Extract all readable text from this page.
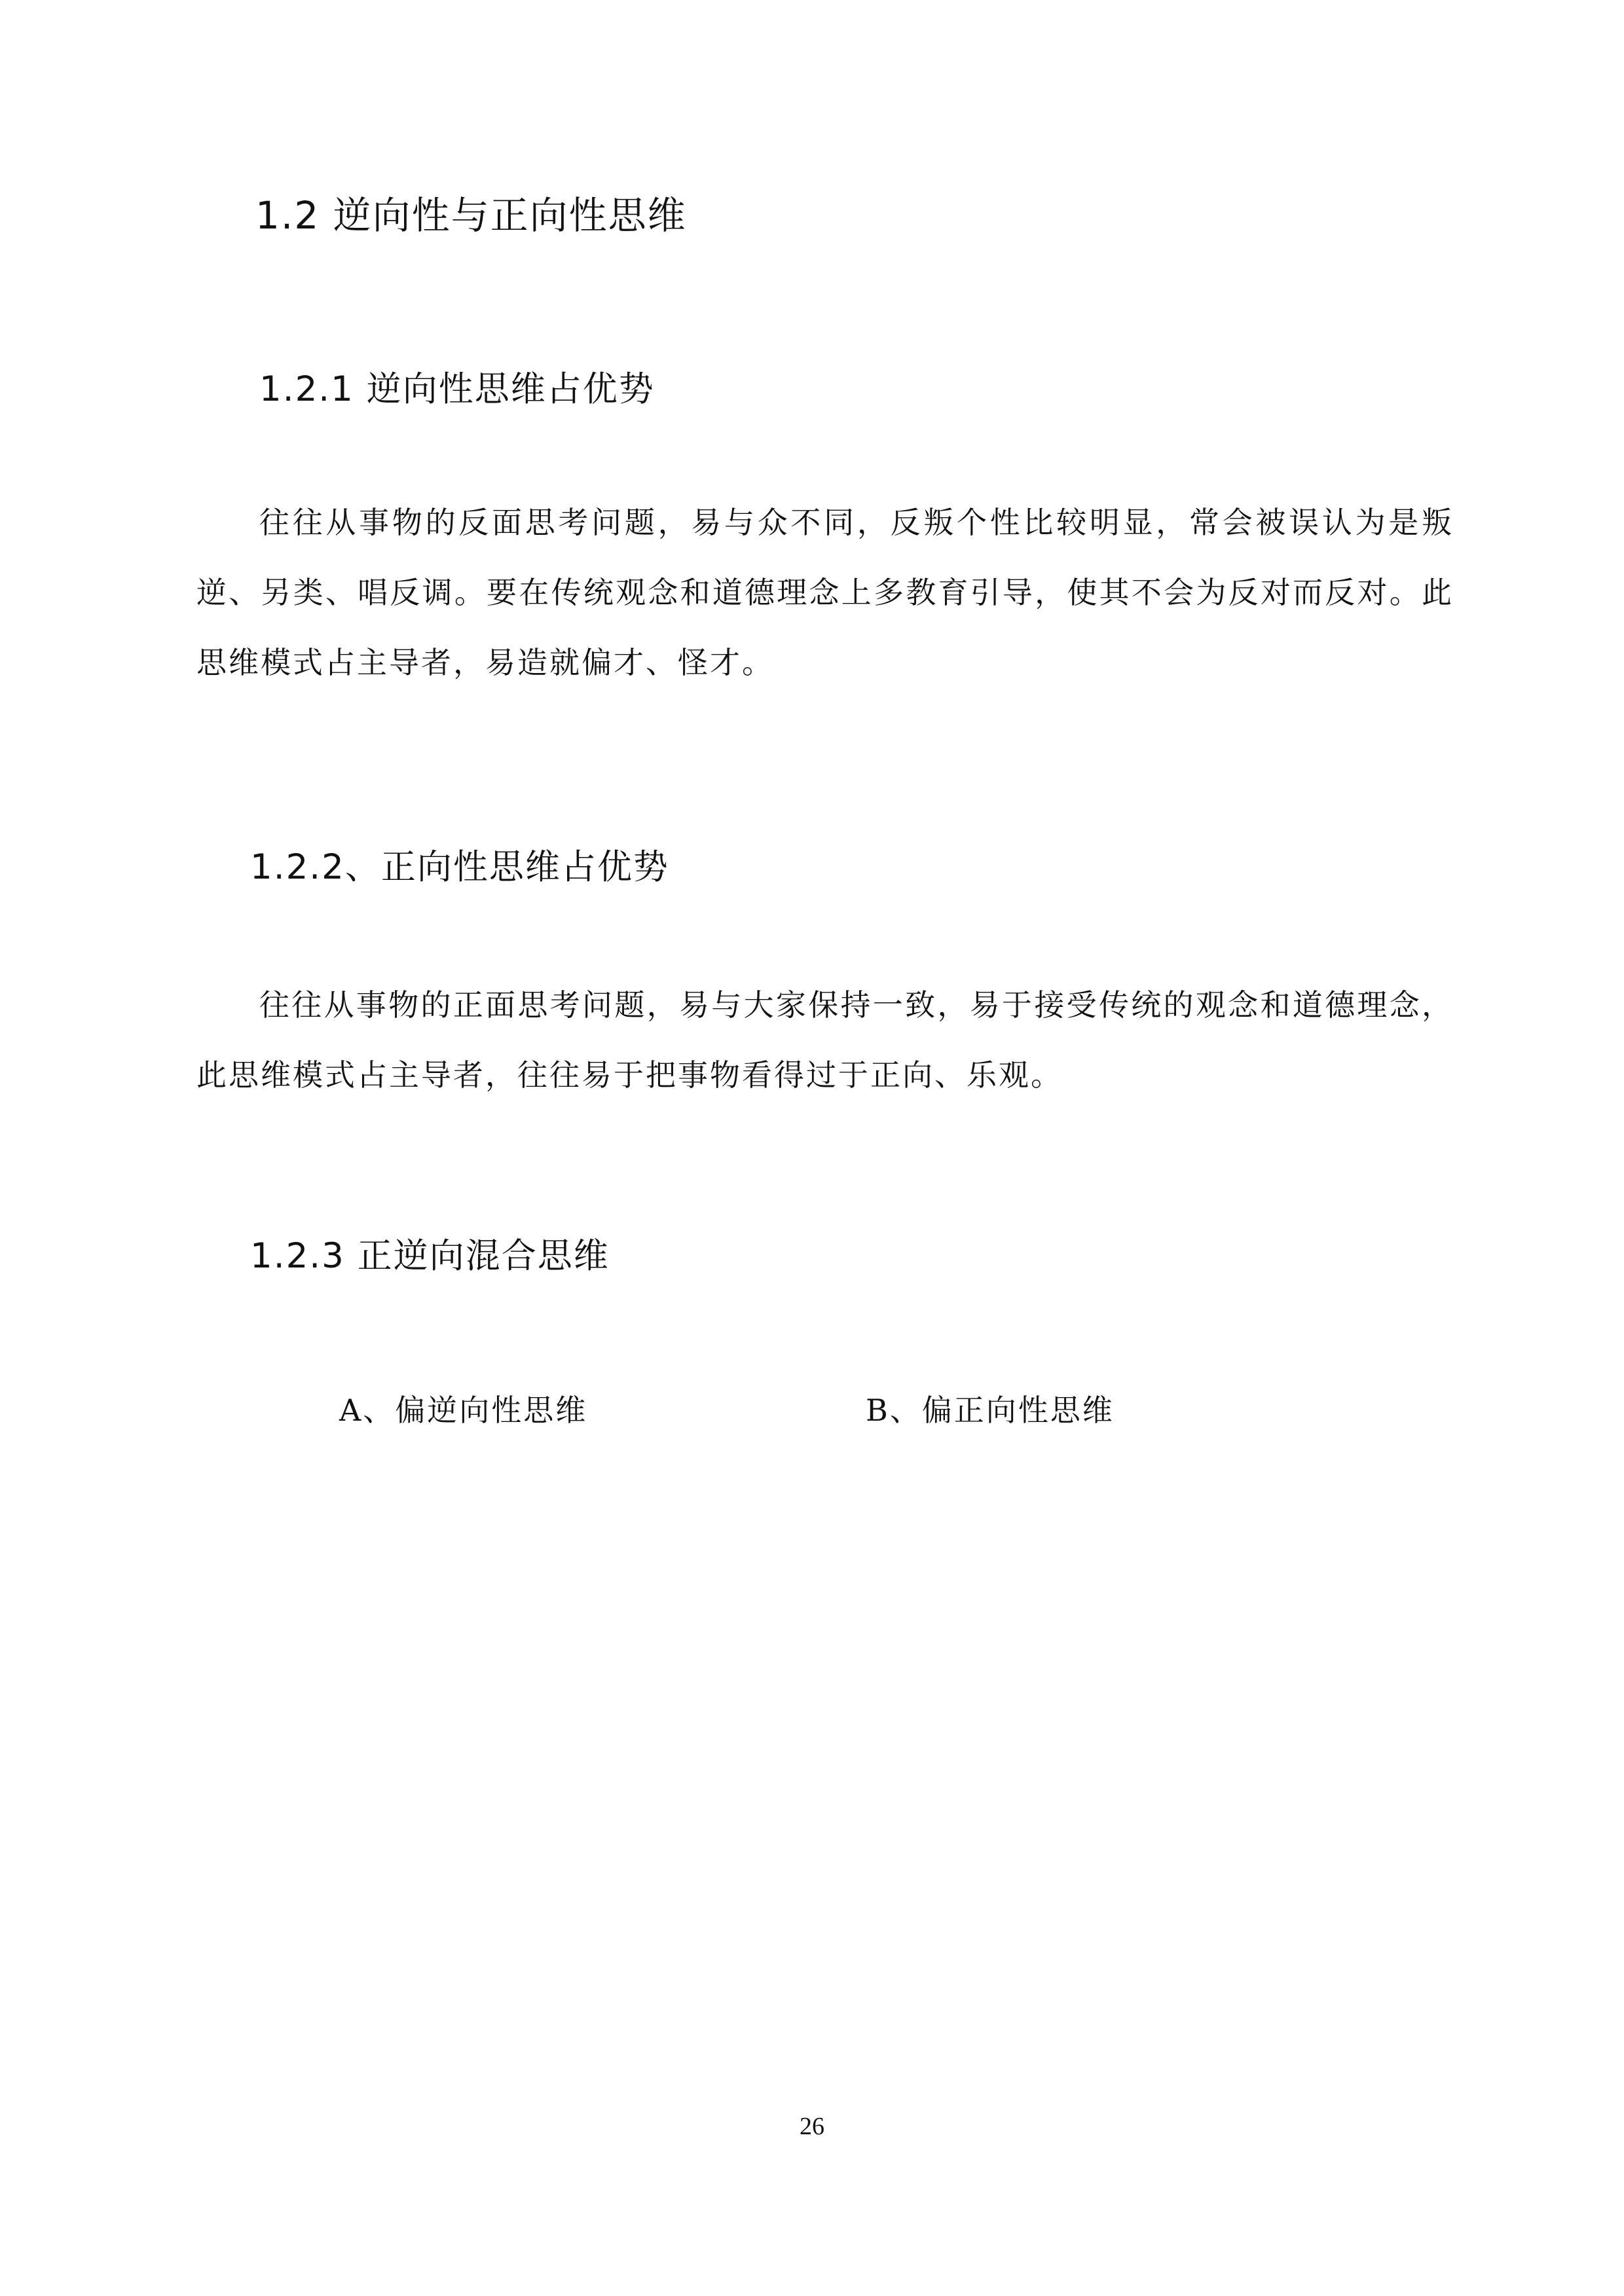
1.2 逆向性与正向性思维
1.2.1 逆向性思维占优势

往往从事物的反面思考问题，易与众不同，反叛个性比较明显，常会被误认为是叛逆、另类、唱反调。要在传统观念和道德理念上多教育引导，使其不会为反对而反对。此思维模式占主导者，易造就偏才、怪才。

1.2.2、正向性思维占优势

往往从事物的正面思考问题，易与大家保持一致，易于接受传统的观念和道德理念，此思维模式占主导者，往往易于把事物看得过于正向、乐观。

1.2.3 正逆向混合思维
A、偏逆向性思维	B、偏正向性思维
26
